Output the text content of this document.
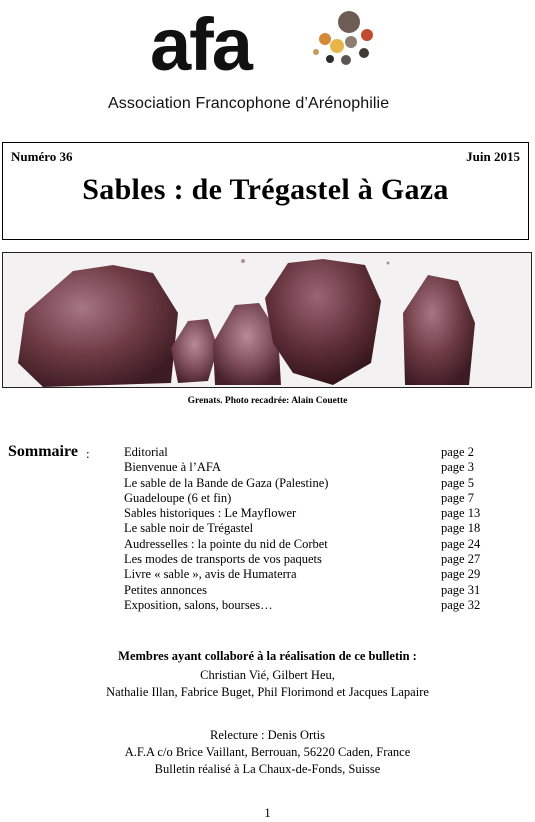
afa
Association Francophone d’Arénophilie
Numéro 36	Juin 2015
Sables : de Trégastel à Gaza
Grenats. Photo recadrée: Alain Couette
Sommaire :	Editorial	page 2
Bienvenue à l’AFA	page 3
Le sable de la Bande de Gaza (Palestine)	page 5
Guadeloupe (6 et fin)	page 7
Sables historiques : Le Mayflower	page 13
Le sable noir de Trégastel	page 18
Audresselles : la pointe du nid de Corbet	page 24
Les modes de transports de vos paquets	page 27
Livre « sable », avis de Humaterra	page 29
Petites annonces	page 31
Exposition, salons, bourses…	page 32
Membres ayant collaboré à la réalisation de ce bulletin :
Christian Vié, Gilbert Heu,
Nathalie Illan, Fabrice Buget, Phil Florimond et Jacques Lapaire
Relecture : Denis Ortis
A.F.A c/o Brice Vaillant, Berrouan, 56220 Caden, France
Bulletin réalisé à La Chaux-de-Fonds, Suisse
1
